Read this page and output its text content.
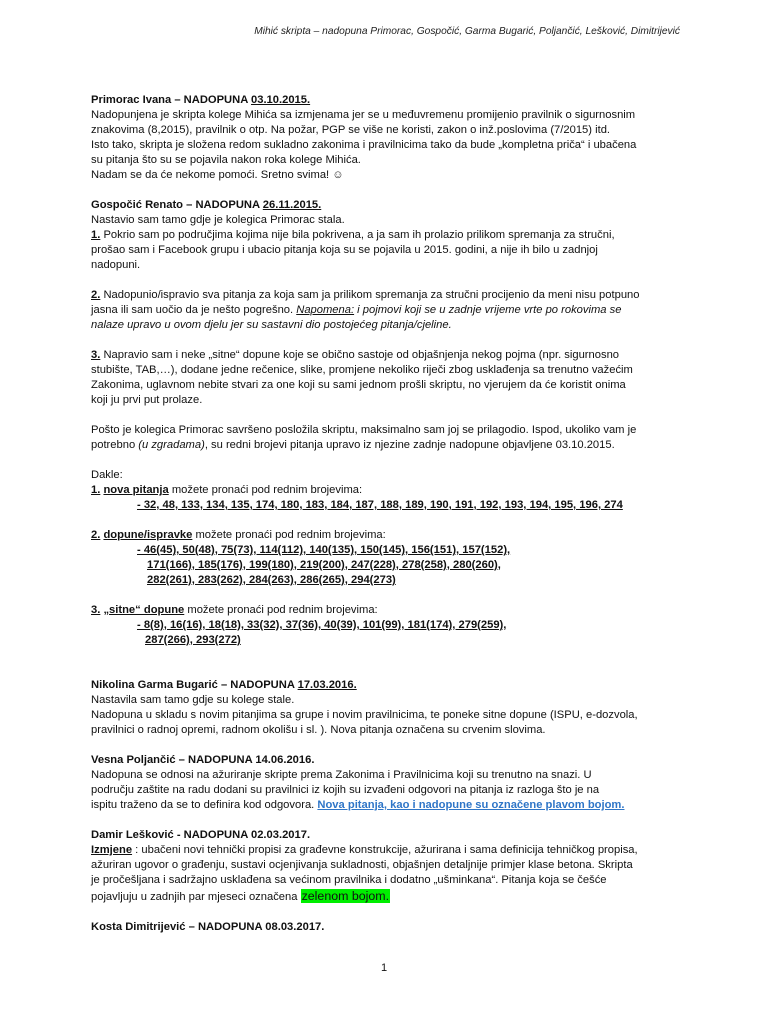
Mihić skripta – nadopuna Primorac, Gospočić, Garma Bugarić, Poljančić, Lešković, Dimitrijević

Primorac Ivana – NADOPUNA 03.10.2015.

Nadopunjena je skripta kolege Mihića sa izmjenama jer se u međuvremenu promijenio pravilnik o sigurnosnim

znakovima (8,2015), pravilnik o otp. Na požar, PGP se više ne koristi, zakon o inž.poslovima (7/2015) itd.

Isto tako, skripta je složena redom sukladno zakonima i pravilnicima tako da bude „kompletna priča“ i ubačena

su pitanja što su se pojavila nakon roka kolege Mihića.

Nadam se da će nekome pomoći. Sretno svima! ☺

Gospočić Renato – NADOPUNA 26.11.2015.

Nastavio sam tamo gdje je kolegica Primorac stala.

1. Pokrio sam po područjima kojima nije bila pokrivena, a ja sam ih prolazio prilikom spremanja za stručni,

prošao sam i Facebook grupu i ubacio pitanja koja su se pojavila u 2015. godini, a nije ih bilo u zadnjoj

nadopuni.

2. Nadopunio/ispravio sva pitanja za koja sam ja prilikom spremanja za stručni procijenio da meni nisu potpuno

jasna ili sam uočio da je nešto pogrešno. Napomena: i pojmovi koji se u zadnje vrijeme vrte po rokovima se

nalaze upravo u ovom djelu jer su sastavni dio postojećeg pitanja/cjeline.

3. Napravio sam i neke „sitne“ dopune koje se obično sastoje od objašnjenja nekog pojma (npr. sigurnosno

stubište, TAB,…), dodane jedne rečenice, slike, promjene nekoliko riječi zbog usklađenja sa trenutno važećim

Zakonima, uglavnom nebite stvari za one koji su sami jednom prošli skriptu, no vjerujem da će koristit onima

koji ju prvi put prolaze.

Pošto je kolegica Primorac savršeno posložila skriptu, maksimalno sam joj se prilagodio. Ispod, ukoliko vam je

potrebno (u zgradama), su redni brojevi pitanja upravo iz njezine zadnje nadopune objavljene 03.10.2015.

Dakle:

1. nova pitanja možete pronaći pod rednim brojevima:

- 32, 48, 133, 134, 135, 174, 180, 183, 184, 187, 188, 189, 190, 191, 192, 193, 194, 195, 196, 274

2. dopune/ispravke možete pronaći pod rednim brojevima:

- 46(45), 50(48), 75(73), 114(112), 140(135), 150(145), 156(151), 157(152),

171(166), 185(176), 199(180), 219(200), 247(228), 278(258), 280(260),

282(261), 283(262), 284(263), 286(265), 294(273)

3. „sitne“ dopune možete pronaći pod rednim brojevima:

- 8(8), 16(16), 18(18), 33(32), 37(36), 40(39), 101(99), 181(174), 279(259),

287(266), 293(272)

Nikolina Garma Bugarić – NADOPUNA 17.03.2016.

Nastavila sam tamo gdje su kolege stale.

Nadopuna u skladu s novim pitanjima sa grupe i novim pravilnicima, te poneke sitne dopune (ISPU, e-dozvola,

pravilnici o radnoj opremi, radnom okolišu i sl. ). Nova pitanja označena su crvenim slovima.

Vesna Poljančić – NADOPUNA 14.06.2016.

Nadopuna se odnosi na ažuriranje skripte prema Zakonima i Pravilnicima koji su trenutno na snazi. U

području zaštite na radu dodani su pravilnici iz kojih su izvađeni odgovori na pitanja iz razloga što je na

ispitu traženo da se to definira kod odgovora. Nova pitanja, kao i nadopune su označene plavom bojom.

Damir Lešković - NADOPUNA 02.03.2017.

Izmjene : ubačeni novi tehnički propisi za građevne konstrukcije, ažurirana i sama definicija tehničkog propisa,

ažuriran ugovor o građenju, sustavi ocjenjivanja sukladnosti, objašnjen detaljnije primjer klase betona. Skripta

je pročešljana i sadržajno usklađena sa većinom pravilnika i dodatno „ušminkana“. Pitanja koja se češće

pojavljuju u zadnjih par mjeseci označena zelenom bojom.

Kosta Dimitrijević – NADOPUNA 08.03.2017.

1
